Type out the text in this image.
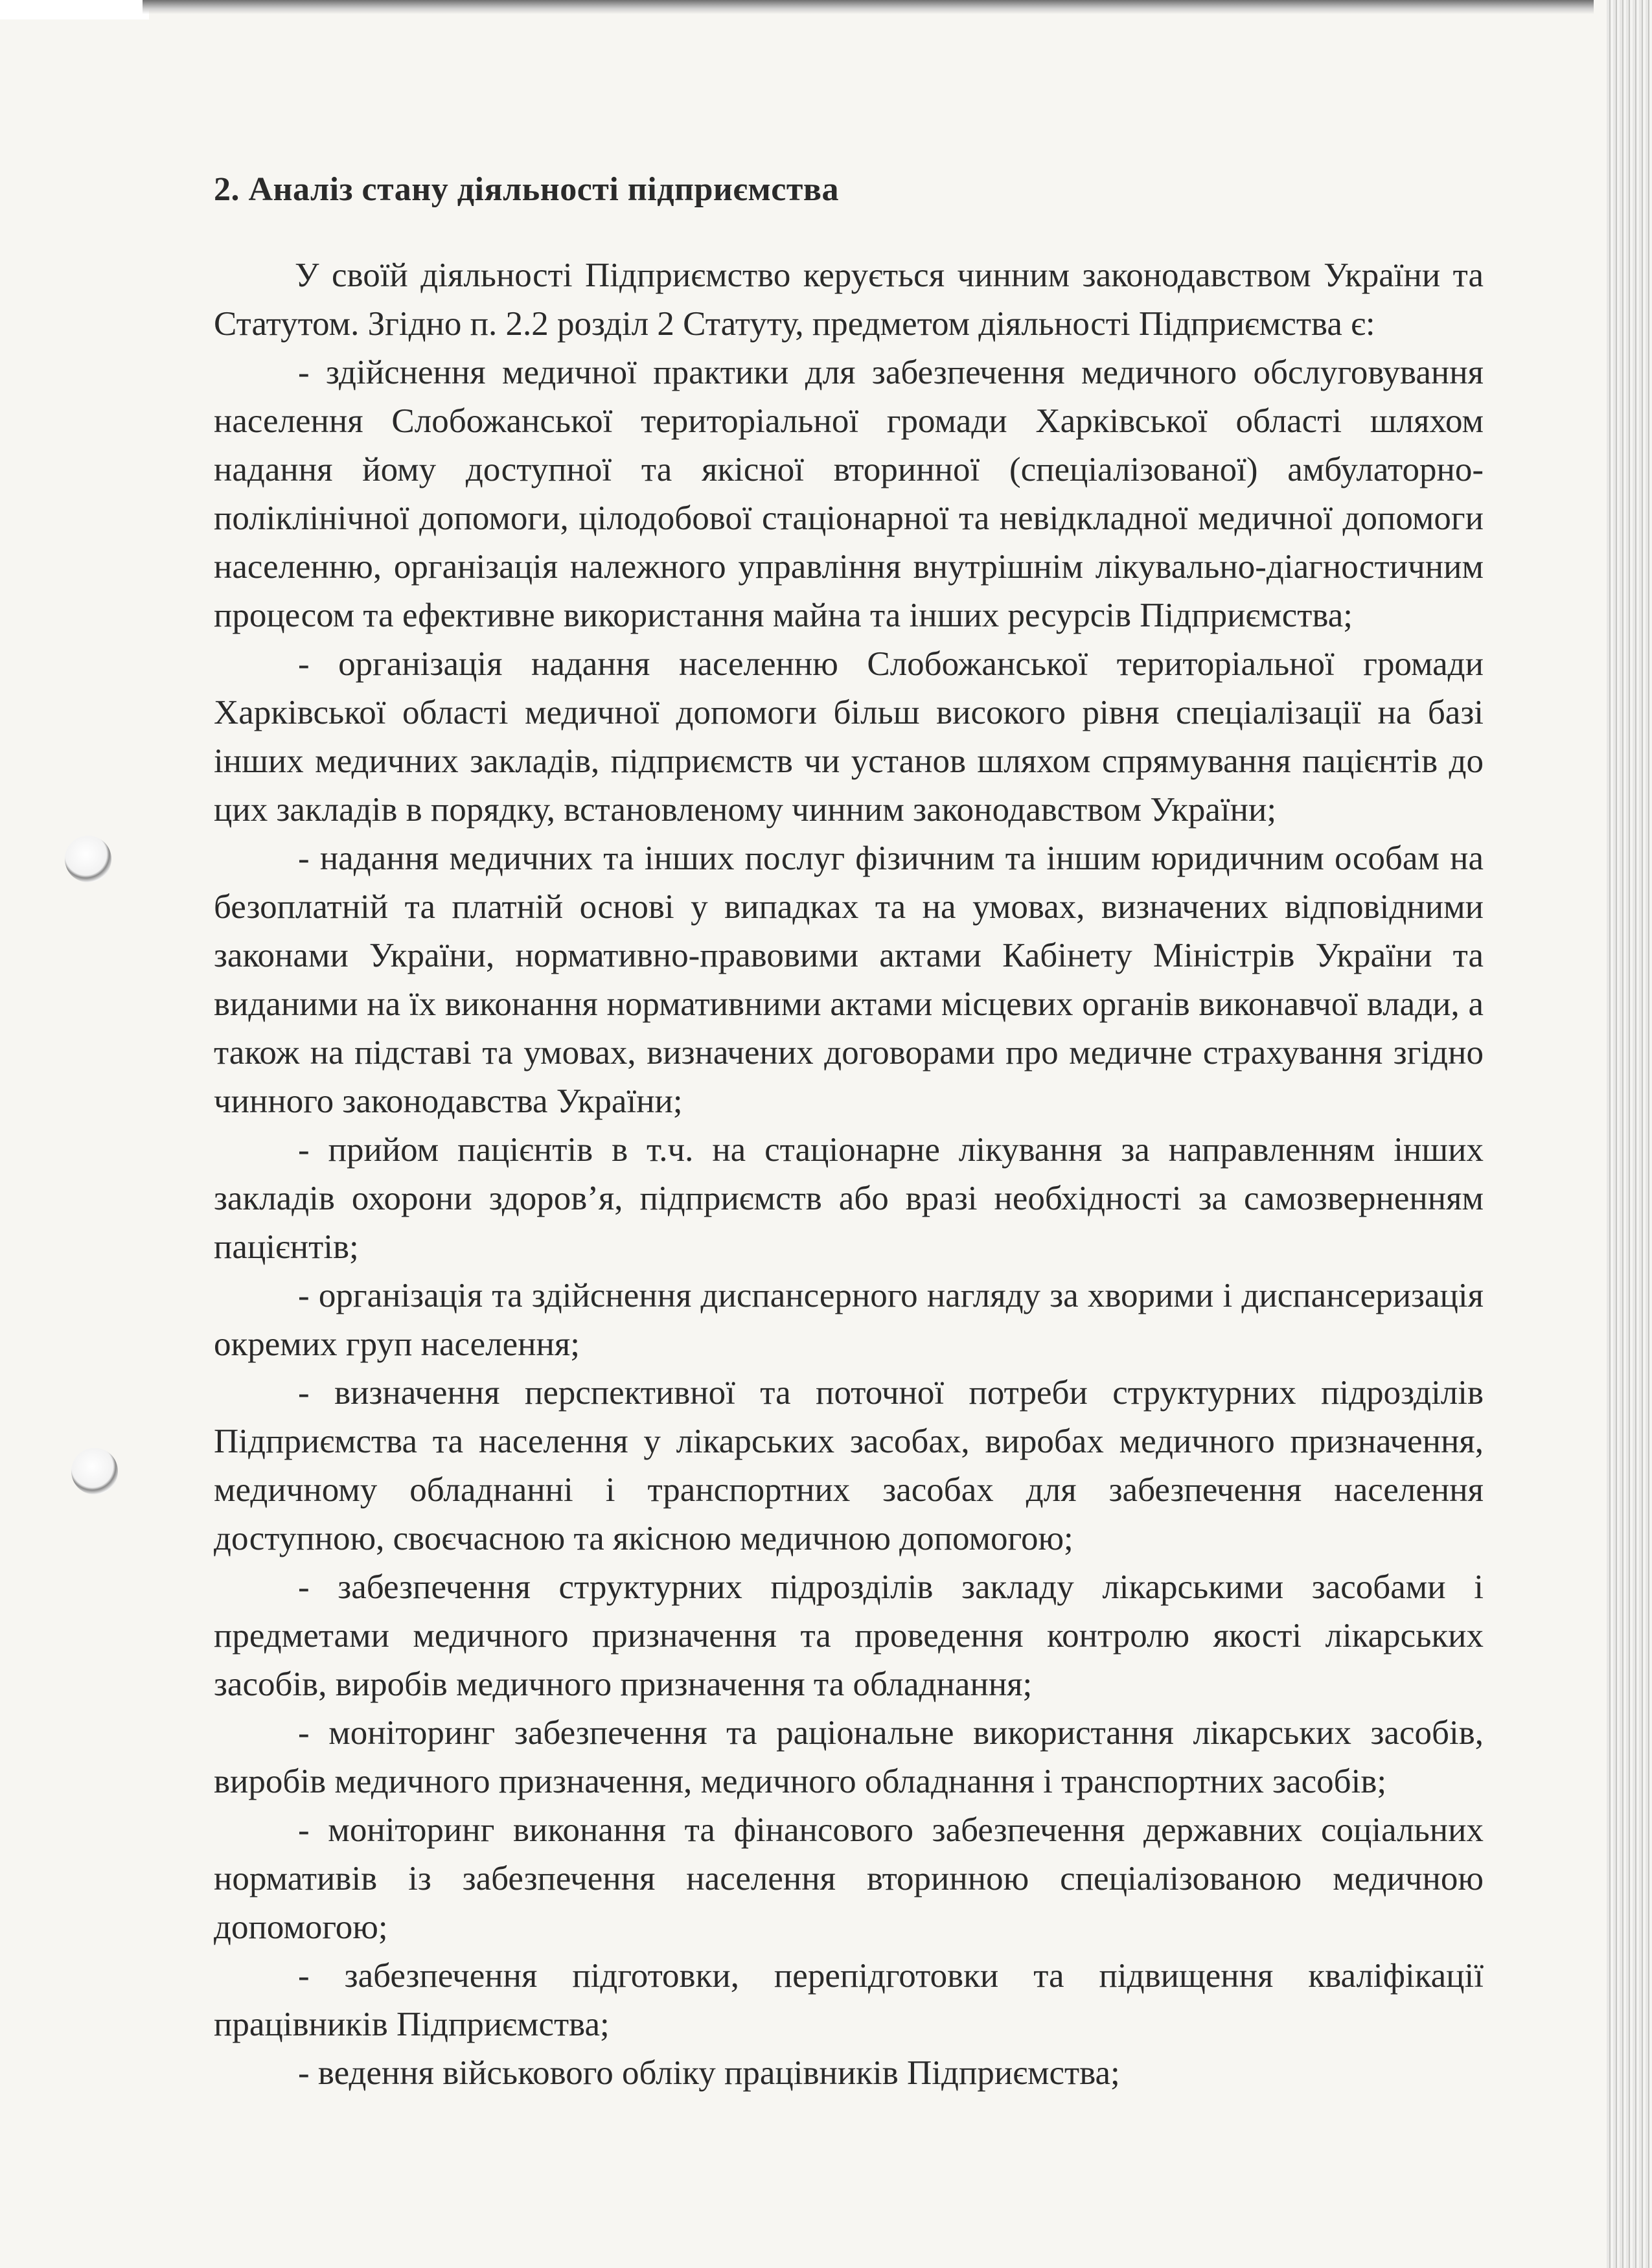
2. Аналіз стану діяльності підприємства

У своїй діяльності Підприємство керується чинним законодавством України та Статутом. Згідно п. 2.2 розділ 2 Статуту, предметом діяльності Підприємства є:

- здійснення медичної практики для забезпечення медичного обслуговування населення Слобожанської територіальної громади Харківської області шляхом надання йому доступної та якісної вторинної (спеціалізованої) амбулаторно-поліклінічної допомоги, цілодобової стаціонарної та невідкладної медичної допомоги населенню, організація належного управління внутрішнім лікувально-діагностичним процесом та ефективне використання майна та інших ресурсів Підприємства;

- організація надання населенню Слобожанської територіальної громади Харківської області медичної допомоги більш високого рівня спеціалізації на базі інших медичних закладів, підприємств чи установ шляхом спрямування пацієнтів до цих закладів в порядку, встановленому чинним законодавством України;

- надання медичних та інших послуг фізичним та іншим юридичним особам на безоплатній та платній основі у випадках та на умовах, визначених відповідними законами України, нормативно-правовими актами Кабінету Міністрів України та виданими на їх виконання нормативними актами місцевих органів виконавчої влади, а також на підставі та умовах, визначених договорами про медичне страхування згідно чинного законодавства України;

- прийом пацієнтів в т.ч. на стаціонарне лікування за направленням інших закладів охорони здоров’я, підприємств або вразі необхідності за самозверненням пацієнтів;

- організація та здійснення диспансерного нагляду за хворими і диспансеризація окремих груп населення;

- визначення перспективної та поточної потреби структурних підрозділів Підприємства та населення у лікарських засобах, виробах медичного призначення, медичному обладнанні і транспортних засобах для забезпечення населення доступною, своєчасною та якісною медичною допомогою;

- забезпечення структурних підрозділів закладу лікарськими засобами і предметами медичного призначення та проведення контролю якості лікарських засобів, виробів медичного призначення та обладнання;

- моніторинг забезпечення та раціональне використання лікарських засобів, виробів медичного призначення, медичного обладнання і транспортних засобів;

- моніторинг виконання та фінансового забезпечення державних соціальних нормативів із забезпечення населення вторинною спеціалізованою медичною допомогою;

- забезпечення підготовки, перепідготовки та підвищення кваліфікації працівників Підприємства;

- ведення військового обліку працівників Підприємства;
